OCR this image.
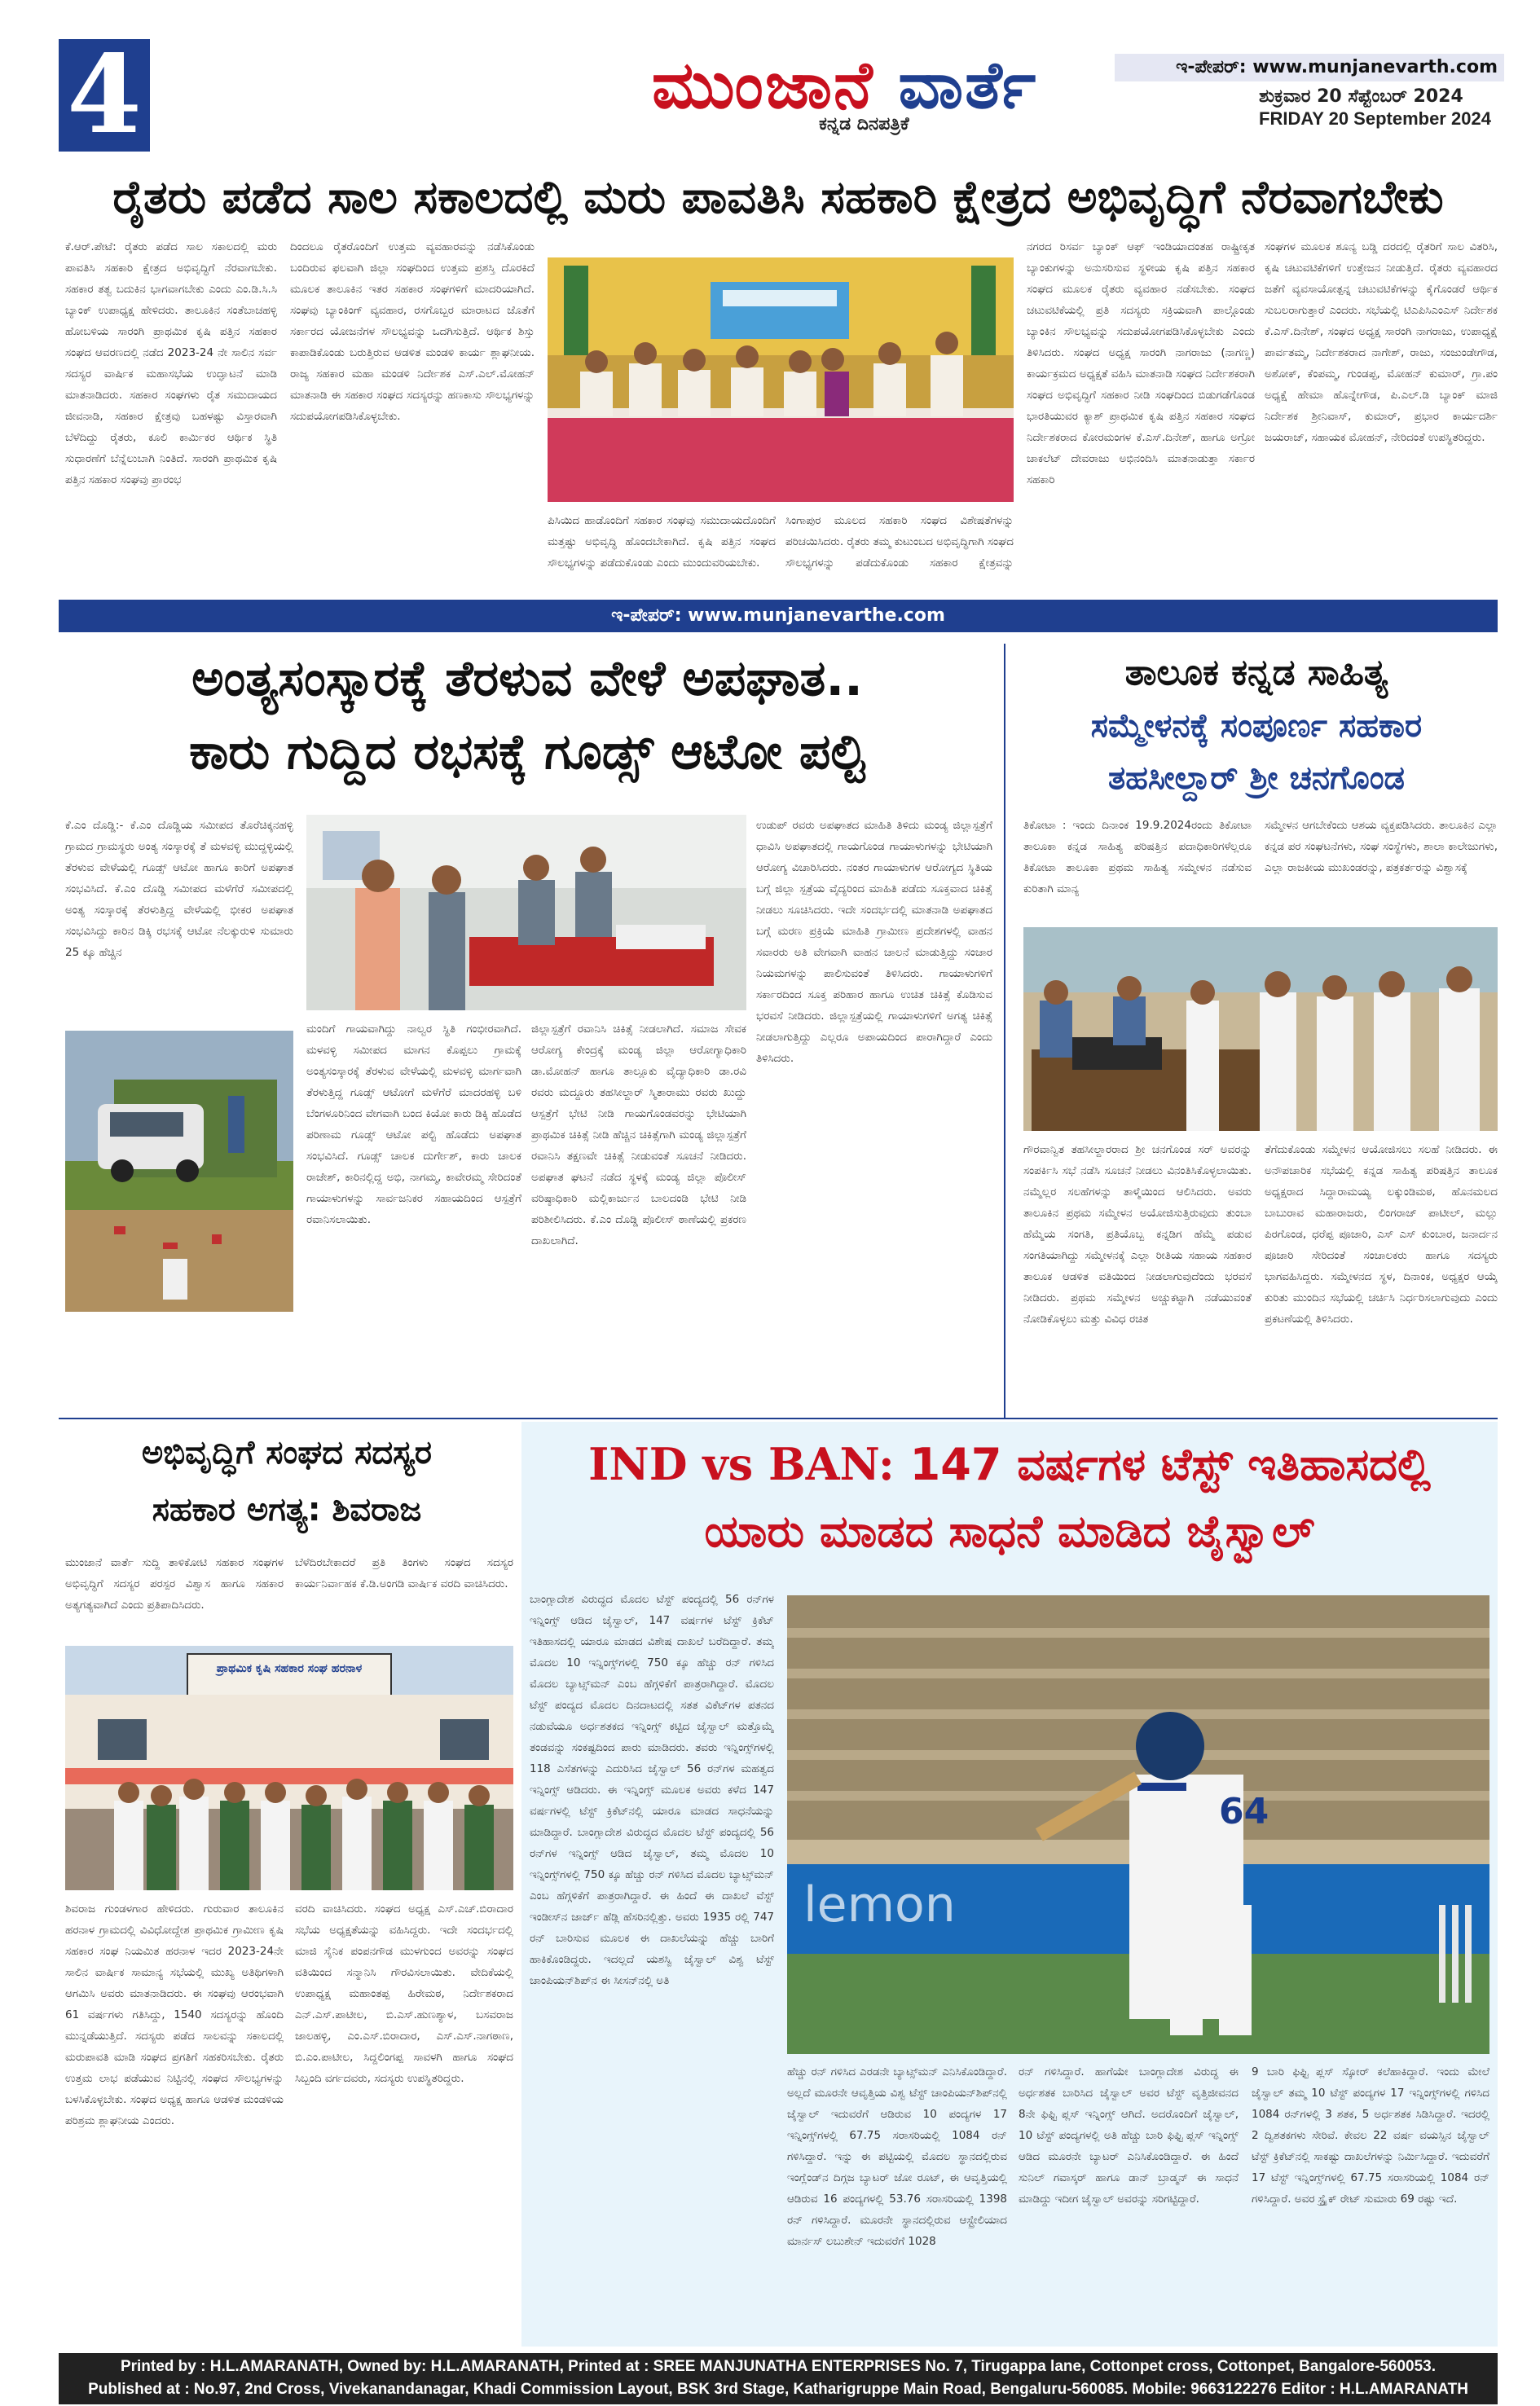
4	ಮುಂಜಾನೆ ವಾರ್ತೆ
ಕನ್ನಡ ದಿನಪತ್ರಿಕೆ
ಇ-ಪೇಪರ್: www.munjanevarth.com
ಶುಕ್ರವಾರ 20 ಸೆಪ್ಟೆಂಬರ್ 2024
FRIDAY 20 September 2024
ರೈತರು ಪಡೆದ ಸಾಲ ಸಕಾಲದಲ್ಲಿ ಮರು ಪಾವತಿಸಿ ಸಹಕಾರಿ ಕ್ಷೇತ್ರದ ಅಭಿವೃದ್ಧಿಗೆ ನೆರವಾಗಬೇಕು

ಕೆ.ಆರ್.ಪೇಟೆ: ರೈತರು ಪಡೆದ ಸಾಲ ಸಕಾಲದಲ್ಲಿ ಮರು ಪಾವತಿಸಿ ಸಹಕಾರಿ ಕ್ಷೇತ್ರದ ಅಭಿವೃದ್ಧಿಗೆ ನೆರವಾಗಬೇಕು. ಸಹಕಾರ ತತ್ವ ಬದುಕಿನ ಭಾಗವಾಗಬೇಕು ಎಂದು ಎಂ.ಡಿ.ಸಿ.ಸಿ ಬ್ಯಾಂಕ್ ಉಪಾಧ್ಯಕ್ಷ ಹೇಳಿದರು. ತಾಲೂಕಿನ ಸಂತೆಬಾಚಹಳ್ಳಿ ಹೋಬಳಿಯ ಸಾರಂಗಿ ಪ್ರಾಥಮಿಕ ಕೃಷಿ ಪತ್ತಿನ ಸಹಕಾರ ಸಂಘದ ಆವರಣದಲ್ಲಿ ನಡೆದ 2023-24 ನೇ ಸಾಲಿನ ಸರ್ವ ಸದಸ್ಯರ ವಾರ್ಷಿಕ ಮಹಾಸಭೆಯ ಉದ್ಘಾಟನೆ ಮಾಡಿ ಮಾತನಾಡಿದರು. ಸಹಕಾರ ಸಂಘಗಳು ರೈತ ಸಮುದಾಯದ ಜೀವನಾಡಿ, ಸಹಕಾರ ಕ್ಷೇತ್ರವು ಬಹಳಷ್ಟು ವಿಸ್ತಾರವಾಗಿ ಬೆಳೆದಿದ್ದು ರೈತರು, ಕೂಲಿ ಕಾರ್ಮಿಕರ ಆರ್ಥಿಕ ಸ್ಥಿತಿ ಸುಧಾರಣೆಗೆ ಬೆನ್ನೆಲುಬಾಗಿ ನಿಂತಿದೆ. ಸಾರಂಗಿ ಪ್ರಾಥಮಿಕ ಕೃಷಿ ಪತ್ತಿನ ಸಹಕಾರ ಸಂಘವು ಪ್ರಾರಂಭ

ದಿಂದಲೂ ರೈತರೊಂದಿಗೆ ಉತ್ತಮ ವ್ಯವಹಾರವನ್ನು ನಡೆಸಿಕೊಂಡು ಬಂದಿರುವ ಫಲವಾಗಿ ಜಿಲ್ಲಾ ಸಂಘದಿಂದ ಉತ್ತಮ ಪ್ರಶಸ್ತಿ ದೊರಕಿದೆ ಮೂಲಕ ತಾಲೂಕಿನ ಇತರ ಸಹಕಾರ ಸಂಘಗಳಿಗೆ ಮಾದರಿಯಾಗಿದೆ. ಸಂಘವು ಬ್ಯಾಂಕಿಂಗ್ ವ್ಯವಹಾರ, ರಸಗೊಬ್ಬರ ಮಾರಾಟದ ಜೊತೆಗೆ ಸರ್ಕಾರದ ಯೋಜನೆಗಳ ಸೌಲಭ್ಯವನ್ನು ಒದಗಿಸುತ್ತಿದೆ. ಆರ್ಥಿಕ ಶಿಸ್ತು ಕಾಪಾಡಿಕೊಂಡು ಬರುತ್ತಿರುವ ಆಡಳಿತ ಮಂಡಳಿ ಕಾರ್ಯ ಶ್ಲಾಘನೀಯ. ರಾಜ್ಯ ಸಹಕಾರ ಮಹಾ ಮಂಡಳಿ ನಿರ್ದೇಶಕ ಎಸ್.ಎಲ್.ಮೋಹನ್ ಮಾತನಾಡಿ ಈ ಸಹಕಾರ ಸಂಘದ ಸದಸ್ಯರನ್ನು ಹಣಕಾಸು ಸೌಲಭ್ಯಗಳನ್ನು ಸದುಪಯೋಗಪಡಿಸಿಕೊಳ್ಳಬೇಕು.

ಪಿಸಿಯಿದ ಹಾಡೊಂದಿಗೆ ಸಹಕಾರ ಸಂಘವು ಸಮುದಾಯದೊಂದಿಗೆ ಮತ್ತಷ್ಟು ಅಭಿವೃದ್ಧಿ ಹೊಂದಬೇಕಾಗಿದೆ. ಕೃಷಿ ಪತ್ತಿನ ಸಂಘದ ಸೌಲಭ್ಯಗಳನ್ನು ಪಡೆದುಕೊಂಡು ಎಂದು ಮುಂದುವರಿಯಬೇಕು.

ಸಿಂಗಾಪುರ ಮೂಲದ ಸಹಕಾರಿ ಸಂಘದ ವಿಶೇಷತೆಗಳನ್ನು ಪರಿಚಯಿಸಿದರು. ರೈತರು ತಮ್ಮ ಕುಟುಂಬದ ಅಭಿವೃದ್ಧಿಗಾಗಿ ಸಂಘದ ಸೌಲಭ್ಯಗಳನ್ನು ಪಡೆದುಕೊಂಡು ಸಹಕಾರ ಕ್ಷೇತ್ರವನ್ನು

ನಗರದ ರಿಸರ್ವ ಬ್ಯಾಂಕ್ ಆಫ್ ಇಂಡಿಯಾದಂತಹ ರಾಷ್ಟ್ರೀಕೃತ ಬ್ಯಾಂಕುಗಳನ್ನು ಅನುಸರಿಸುವ ಸ್ಥಳೀಯ ಕೃಷಿ ಪತ್ತಿನ ಸಹಕಾರ ಸಂಘದ ಮೂಲಕ ರೈತರು ವ್ಯವಹಾರ ನಡೆಸಬೇಕು. ಸಂಘದ ಚಟುವಟಿಕೆಯಲ್ಲಿ ಪ್ರತಿ ಸದಸ್ಯರು ಸಕ್ರಿಯವಾಗಿ ಪಾಲ್ಗೊಂಡು ಬ್ಯಾಂಕಿನ ಸೌಲಭ್ಯವನ್ನು ಸದುಪಯೋಗಪಡಿಸಿಕೊಳ್ಳಬೇಕು ಎಂದು ತಿಳಿಸಿದರು. ಸಂಘದ ಅಧ್ಯಕ್ಷ ಸಾರಂಗಿ ನಾಗರಾಜು (ನಾಗಣ್ಣ) ಕಾರ್ಯಕ್ರಮದ ಅಧ್ಯಕ್ಷತೆ ವಹಿಸಿ ಮಾತನಾಡಿ ಸಂಘದ ನಿರ್ದೇಶಕರಾಗಿ ಸಂಘದ ಅಭಿವೃದ್ಧಿಗೆ ಸಹಕಾರ ನೀಡಿ ಸಂಘದಿಂದ ಬಿಡುಗಡೆಗೊಂಡ ಭಾರತಿಯುವರ ಕ್ಯಾಶ್ ಪ್ರಾಥಮಿಕ ಕೃಷಿ ಪತ್ತಿನ ಸಹಕಾರ ಸಂಘದ ನಿರ್ದೇಶಕರಾದ ಕೋರಮಂಗಳ ಕೆ.ಎಸ್.ದಿನೇಶ್, ಹಾಗೂ ಅಗ್ರೋ ಚಾಕಲೆಟ್ ದೇವರಾಜು ಅಭಿನಂದಿಸಿ ಮಾತನಾಡುತ್ತಾ ಸರ್ಕಾರ ಸಹಕಾರಿ

ಸಂಘಗಳ ಮೂಲಕ ಶೂನ್ಯ ಬಡ್ಡಿ ದರದಲ್ಲಿ ರೈತರಿಗೆ ಸಾಲ ವಿತರಿಸಿ, ಕೃಷಿ ಚಟುವಟಿಕೆಗಳಿಗೆ ಉತ್ತೇಜನ ನೀಡುತ್ತಿದೆ. ರೈತರು ವ್ಯವಹಾರದ ಜತೆಗೆ ವ್ಯವಸಾಯೋತ್ಪನ್ನ ಚಟುವಟಿಕೆಗಳನ್ನು ಕೈಗೊಂಡರೆ ಆರ್ಥಿಕ ಸುಬಲರಾಗುತ್ತಾರೆ ಎಂದರು. ಸಭೆಯಲ್ಲಿ ಟಿಎಪಿಸಿಎಂಎಸ್ ನಿರ್ದೇಶಕ ಕೆ.ಎಸ್.ದಿನೇಶ್, ಸಂಘದ ಅಧ್ಯಕ್ಷ ಸಾರಂಗಿ ನಾಗರಾಜು, ಉಪಾಧ್ಯಕ್ಷೆ ಪಾರ್ವತಮ್ಮ, ನಿರ್ದೇಶಕರಾದ ನಾಗೇಶ್, ರಾಜು, ಸಂಜುಂಡೇಗೌಡ, ಅಶೋಕ್, ಕೆಂಪಮ್ಮ, ಗುಂಡಪ್ಪ, ಮೋಹನ್ ಕುಮಾರ್, ಗ್ರಾ.ಪಂ ಅಧ್ಯಕ್ಷೆ ಹೇಮಾ ಹೊನ್ನೇಗೌಡ, ಪಿ.ಎಲ್.ಡಿ ಬ್ಯಾಂಕ್ ಮಾಜಿ ನಿರ್ದೇಶಕ ಶ್ರೀನಿವಾಸ್, ಕುಮಾರ್, ಪ್ರಭಾರ ಕಾರ್ಯದರ್ಶಿ ಜಯರಾಜ್, ಸಹಾಯಕ ಮೋಹನ್, ನೇರಿದಂತೆ ಉಪಸ್ಥಿತರಿದ್ದರು.

ಇ-ಪೇಪರ್: www.munjanevarthe.com
ಅಂತ್ಯಸಂಸ್ಕಾರಕ್ಕೆ ತೆರಳುವ ವೇಳೆ ಅಪಘಾತ..
ಕಾರು ಗುದ್ದಿದ ರಭಸಕ್ಕೆ ಗೂಡ್ಸ್ ಆಟೋ ಪಲ್ಟಿ

ಕೆ.ಎಂ ದೊಡ್ಡಿ:- ಕೆ.ಎಂ ದೊಡ್ಡಿಯ ಸಮೀಪದ ತೊರೆಚಿಕ್ಕನಹಳ್ಳಿ ಗ್ರಾಮದ ಗ್ರಾಮಸ್ಥರು ಅಂತ್ಯ ಸಂಸ್ಕಾರಕ್ಕೆ ತೆ ಮಳವಳ್ಳಿ ಮುದ್ದಳ್ಳಿಯಲ್ಲಿ ತೆರಳುವ ವೇಳೆಯಲ್ಲಿ ಗೂಡ್ಸ್ ಆಟೋ ಹಾಗೂ ಕಾರಿಗೆ ಅಪಘಾತ ಸಂಭವಿಸಿದೆ. ಕೆ.ಎಂ ದೊಡ್ಡಿ ಸಮೀಪದ ಮಳೆಗೆರೆ ಸಮೀಪದಲ್ಲಿ ಅಂತ್ಯ ಸಂಸ್ಕಾರಕ್ಕೆ ತೆರಳುತ್ತಿದ್ದ ವೇಳೆಯಲ್ಲಿ ಭೀಕರ ಅಪಘಾತ ಸಂಭವಿಸಿದ್ದು ಕಾರಿನ ಡಿಕ್ಕಿ ರಭಸಕ್ಕೆ ಆಟೋ ನೆಲಕ್ಕುರುಳಿ ಸುಮಾರು 25 ಕ್ಕೂ ಹೆಚ್ಚಿನ

ಮಂದಿಗೆ ಗಾಯವಾಗಿದ್ದು ನಾಲ್ವರ ಸ್ಥಿತಿ ಗಂಭೀರವಾಗಿದೆ. ಮಳವಳ್ಳಿ ಸಮೀಪದ ಮಾಗನ ಕೊಪ್ಪಲು ಗ್ರಾಮಕ್ಕೆ ಅಂತ್ಯಸಂಸ್ಕಾರಕ್ಕೆ ತೆರಳುವ ವೇಳೆಯಲ್ಲಿ ಮಳವಳ್ಳಿ ಮಾರ್ಗವಾಗಿ ತೆರಳುತ್ತಿದ್ದ ಗೂಡ್ಸ್ ಆಟೋಗೆ ಮಳೆಗೆರೆ ಮಾದರಹಳ್ಳಿ ಬಳಿ ಬೆಂಗಳೂರಿನಿಂದ ವೇಗವಾಗಿ ಬಂದ ಕಿಯೋ ಕಾರು ಡಿಕ್ಕಿ ಹೊಡೆದ ಪರಿಣಾಮ ಗೂಡ್ಸ್ ಆಟೋ ಪಲ್ಟಿ ಹೊಡೆದು ಅಪಘಾತ ಸಂಭವಿಸಿದೆ. ಗೂಡ್ಸ್ ಚಾಲಕ ದುರ್ಗೇಶ್, ಕಾರು ಚಾಲಕ ರಾಜೇಶ್, ಕಾರಿನಲ್ಲಿದ್ದ ಅಭಿ, ನಾಗಮ್ಮ, ಕಾವೇರಮ್ಮ ಸೇರಿದಂತೆ ಗಾಯಾಳುಗಳನ್ನು ಸಾರ್ವಜನಿಕರ ಸಹಾಯದಿಂದ ಆಸ್ಪತ್ರೆಗೆ ರವಾನಿಸಲಾಯಿತು.

ಜಿಲ್ಲಾಸ್ಪತ್ರೆಗೆ ರವಾನಿಸಿ ಚಿಕಿತ್ಸೆ ನೀಡಲಾಗಿದೆ. ಸಮಾಜ ಸೇವಕ ಆರೋಗ್ಯ ಕೇಂದ್ರಕ್ಕೆ ಮಂಡ್ಯ ಜಿಲ್ಲಾ ಆರೋಗ್ಯಾಧಿಕಾರಿ ಡಾ.ಮೋಹನ್ ಹಾಗೂ ತಾಲ್ಲೂಕು ವೈದ್ಯಾಧಿಕಾರಿ ಡಾ.ರವಿ ರವರು ಮದ್ದೂರು ತಹಸೀಲ್ದಾರ್ ಸ್ಮಿತಾರಾಮು ರವರು ಖುದ್ದು ಆಸ್ಪತ್ರೆಗೆ ಭೇಟಿ ನೀಡಿ ಗಾಯಗೊಂಡವರನ್ನು ಭೇಟಿಯಾಗಿ ಪ್ರಾಥಮಿಕ ಚಿಕಿತ್ಸೆ ನೀಡಿ ಹೆಚ್ಚಿನ ಚಿಕಿತ್ಸೆಗಾಗಿ ಮಂಡ್ಯ ಜಿಲ್ಲಾಸ್ಪತ್ರೆಗೆ ರವಾನಿಸಿ ತಕ್ಷಣವೇ ಚಿಕಿತ್ಸೆ ನೀಡುವಂತೆ ಸೂಚನೆ ನೀಡಿದರು. ಅಪಘಾತ ಘಟನೆ ನಡೆದ ಸ್ಥಳಕ್ಕೆ ಮಂಡ್ಯ ಜಿಲ್ಲಾ ಪೊಲೀಸ್ ವರಿಷ್ಠಾಧಿಕಾರಿ ಮಲ್ಲಿಕಾರ್ಜುನ ಬಾಲದಂಡಿ ಭೇಟಿ ನೀಡಿ ಪರಿಶೀಲಿಸಿದರು. ಕೆ.ಎಂ ದೊಡ್ಡಿ ಪೊಲೀಸ್ ಠಾಣೆಯಲ್ಲಿ ಪ್ರಕರಣ ದಾಖಲಾಗಿದೆ.

ಉಡುಪ್ ರವರು ಅಪಘಾತದ ಮಾಹಿತಿ ತಿಳಿದು ಮಂಡ್ಯ ಜಿಲ್ಲಾಸ್ಪತ್ರೆಗೆ ಧಾವಿಸಿ ಅಪಘಾತದಲ್ಲಿ ಗಾಯಗೊಂಡ ಗಾಯಾಳುಗಳನ್ನು ಭೇಟಿಯಾಗಿ ಆರೋಗ್ಯ ವಿಚಾರಿಸಿದರು. ನಂತರ ಗಾಯಾಳುಗಳ ಆರೋಗ್ಯದ ಸ್ಥಿತಿಯ ಬಗ್ಗೆ ಜಿಲ್ಲಾ ಸ್ಪತ್ರೆಯ ವೈದ್ಯರಿಂದ ಮಾಹಿತಿ ಪಡೆದು ಸೂಕ್ತವಾದ ಚಿಕಿತ್ಸೆ ನೀಡಲು ಸೂಚಿಸಿದರು. ಇದೇ ಸಂದರ್ಭದಲ್ಲಿ ಮಾತನಾಡಿ ಅಪಘಾತದ ಬಗ್ಗೆ ಮರಣ ಪ್ರಕ್ರಿಯೆ ಮಾಹಿತಿ ಗ್ರಾಮೀಣ ಪ್ರದೇಶಗಳಲ್ಲಿ ವಾಹನ ಸವಾರರು ಅತಿ ವೇಗವಾಗಿ ವಾಹನ ಚಾಲನೆ ಮಾಡುತ್ತಿದ್ದು ಸಂಚಾರ ನಿಯಮಗಳನ್ನು ಪಾಲಿಸುವಂತೆ ತಿಳಿಸಿದರು. ಗಾಯಾಳುಗಳಿಗೆ ಸರ್ಕಾರದಿಂದ ಸೂಕ್ತ ಪರಿಹಾರ ಹಾಗೂ ಉಚಿತ ಚಿಕಿತ್ಸೆ ಕೊಡಿಸುವ ಭರವಸೆ ನೀಡಿದರು. ಜಿಲ್ಲಾಸ್ಪತ್ರೆಯಲ್ಲಿ ಗಾಯಾಳುಗಳಿಗೆ ಅಗತ್ಯ ಚಿಕಿತ್ಸೆ ನೀಡಲಾಗುತ್ತಿದ್ದು ಎಲ್ಲರೂ ಅಪಾಯದಿಂದ ಪಾರಾಗಿದ್ದಾರೆ ಎಂದು ತಿಳಿಸಿದರು.

ತಾಲೂಕ ಕನ್ನಡ ಸಾಹಿತ್ಯ
ಸಮ್ಮೇಳನಕ್ಕೆ ಸಂಪೂರ್ಣ ಸಹಕಾರ
ತಹಸೀಲ್ದಾರ್ ಶ್ರೀ ಚನಗೊಂಡ

ತಿಕೋಟಾ : ಇಂದು ದಿನಾಂಕ 19.9.2024ರಂದು ತಿಕೋಟಾ ತಾಲೂಕಾ ಕನ್ನಡ ಸಾಹಿತ್ಯ ಪರಿಷತ್ತಿನ ಪದಾಧಿಕಾರಿಗಳೆಲ್ಲರೂ ತಿಕೋಟಾ ತಾಲೂಕಾ ಪ್ರಥಮ ಸಾಹಿತ್ಯ ಸಮ್ಮೇಳನ ನಡೆಸುವ ಕುರಿತಾಗಿ ಮಾನ್ಯ

ಸಮ್ಮೇಳನ ಆಗಬೇಕೆಂದು ಆಶಯ ವ್ಯಕ್ತಪಡಿಸಿದರು. ತಾಲೂಕಿನ ಎಲ್ಲಾ ಕನ್ನಡ ಪರ ಸಂಘಟನೆಗಳು, ಸಂಘ ಸಂಸ್ಥೆಗಳು, ಶಾಲಾ ಕಾಲೇಜುಗಳು, ಎಲ್ಲಾ ರಾಜಕೀಯ ಮುಖಂಡರನ್ನು, ಪತ್ರಕರ್ತರನ್ನು ವಿಶ್ವಾಸಕ್ಕೆ

ಗೌರವಾನ್ವಿತ ತಹಸೀಲ್ದಾರರಾದ ಶ್ರೀ ಚನಗೊಂಡ ಸರ್ ಅವರನ್ನು ಸಂಪರ್ಕಿಸಿ ಸಭೆ ನಡೆಸಿ ಸೂಚನೆ ನೀಡಲು ವಿನಂತಿಸಿಕೊಳ್ಳಲಾಯಿತು. ನಮ್ಮೆಲ್ಲರ ಸಲಹೆಗಳನ್ನು ತಾಳ್ಮೆಯಿಂದ ಆಲಿಸಿದರು. ಅವರು ತಾಲೂಕಿನ ಪ್ರಥಮ ಸಮ್ಮೇಳನ ಅಯೋಜಿಸುತ್ತಿರುವುದು ತುಂಬಾ ಹೆಮ್ಮೆಯ ಸಂಗತಿ, ಪ್ರತಿಯೊಬ್ಬ ಕನ್ನಡಿಗ ಹೆಮ್ಮೆ ಪಡುವ ಸಂಗತಿಯಾಗಿದ್ದು ಸಮ್ಮೇಳನಕ್ಕೆ ಎಲ್ಲಾ ರೀತಿಯ ಸಹಾಯ ಸಹಕಾರ ತಾಲೂಕ ಆಡಳಿತ ವತಿಯಿಂದ ನೀಡಲಾಗುವುದೆಂದು ಭರವಸೆ ನೀಡಿದರು. ಪ್ರಥಮ ಸಮ್ಮೇಳನ ಅಚ್ಚುಕಟ್ಟಾಗಿ ನಡೆಯುವಂತೆ ನೋಡಿಕೊಳ್ಳಲು ಮತ್ತು ವಿವಿಧ ರಚಿತ

ತೆಗೆದುಕೊಂಡು ಸಮ್ಮೇಳನ ಆಯೋಜಿಸಲು ಸಲಹೆ ನೀಡಿದರು. ಈ ಅನೌಪಚಾರಿಕ ಸಭೆಯಲ್ಲಿ ಕನ್ನಡ ಸಾಹಿತ್ಯ ಪರಿಷತ್ತಿನ ತಾಲೂಕ ಅಧ್ಯಕ್ಷರಾದ ಸಿದ್ದಾರಾಮಯ್ಯ ಲಕ್ಕುಂಡಿಮಠ, ಹೊನಮಲದ ಬಾಬುರಾವ ಮಹಾರಾಜರು, ಲಿಂಗರಾಜ್ ಪಾಟೀಲ್, ಮಲ್ಲು ಪಿರಗೊಂಡ, ಧರೆಪ್ಪ ಪೂಜಾರಿ, ಎಸ್ ಎಸ್ ಕುಂಬಾರ, ಜನಾರ್ದನ ಪೂಜಾರಿ ಸೇರಿದಂತೆ ಸಂಚಾಲಕರು ಹಾಗೂ ಸದಸ್ಯರು ಭಾಗವಹಿಸಿದ್ದರು. ಸಮ್ಮೇಳನದ ಸ್ಥಳ, ದಿನಾಂಕ, ಅಧ್ಯಕ್ಷರ ಆಯ್ಕೆ ಕುರಿತು ಮುಂದಿನ ಸಭೆಯಲ್ಲಿ ಚರ್ಚಿಸಿ ನಿರ್ಧರಿಸಲಾಗುವುದು ಎಂದು ಪ್ರಕಟಣೆಯಲ್ಲಿ ತಿಳಿಸಿದರು.

ಅಭಿವೃದ್ಧಿಗೆ ಸಂಘದ ಸದಸ್ಯರ
ಸಹಕಾರ ಅಗತ್ಯ: ಶಿವರಾಜ

ಮುಂಜಾನೆ ವಾರ್ತೆ ಸುದ್ದಿ ತಾಳಿಕೋಟಿ ಸಹಕಾರ ಸಂಘಗಳ ಅಭಿವೃದ್ಧಿಗೆ ಸದಸ್ಯರ ಪರಸ್ಪರ ವಿಶ್ವಾಸ ಹಾಗೂ ಸಹಕಾರ ಅತ್ಯಗತ್ಯವಾಗಿದೆ ಎಂದು ಪ್ರತಿಪಾದಿಸಿದರು.

ಬೆಳೆದಿರಬೇಕಾದರೆ ಪ್ರತಿ ತಿಂಗಳು ಸಂಘದ ಸದಸ್ಯರ ಕಾರ್ಯನಿರ್ವಾಹಕ ಕೆ.ಡಿ.ಅಂಗಡಿ ವಾರ್ಷಿಕ ವರದಿ ವಾಚಿಸಿದರು.

ಪ್ರಾಥಮಿಕ ಕೃಷಿ ಸಹಕಾರ ಸಂಘ ಹರನಾಳ

ಶಿವರಾಜ ಗುಂಡಳಗಾರ ಹೇಳಿದರು. ಗುರುವಾರ ತಾಲೂಕಿನ ಹರನಾಳ ಗ್ರಾಮದಲ್ಲಿ ವಿವಿಧೋದ್ದೇಶ ಪ್ರಾಥಮಿಕ ಗ್ರಾಮೀಣ ಕೃಷಿ ಸಹಕಾರ ಸಂಘ ನಿಯಮಿತ ಹರನಾಳ ಇದರ 2023-24ನೇ ಸಾಲಿನ ವಾರ್ಷಿಕ ಸಾಮಾನ್ಯ ಸಭೆಯಲ್ಲಿ ಮುಖ್ಯ ಅತಿಥಿಗಳಾಗಿ ಆಗಮಿಸಿ ಅವರು ಮಾತನಾಡಿದರು. ಈ ಸಂಘವು ಆರಂಭವಾಗಿ 61 ವರ್ಷಗಳು ಗತಿಸಿದ್ದು, 1540 ಸದಸ್ಯರನ್ನು ಹೊಂದಿ ಮುನ್ನಡೆಯುತ್ತಿದೆ. ಸದಸ್ಯರು ಪಡೆದ ಸಾಲವನ್ನು ಸಕಾಲದಲ್ಲಿ ಮರುಪಾವತಿ ಮಾಡಿ ಸಂಘದ ಪ್ರಗತಿಗೆ ಸಹಕರಿಸಬೇಕು. ರೈತರು ಉತ್ತಮ ಲಾಭ ಪಡೆಯುವ ನಿಟ್ಟಿನಲ್ಲಿ ಸಂಘದ ಸೌಲಭ್ಯಗಳನ್ನು ಬಳಸಿಕೊಳ್ಳಬೇಕು. ಸಂಘದ ಅಧ್ಯಕ್ಷ ಹಾಗೂ ಆಡಳಿತ ಮಂಡಳಿಯ ಪರಿಶ್ರಮ ಶ್ಲಾಘನೀಯ ಎಂದರು.

ವರದಿ ವಾಚಿಸಿದರು. ಸಂಘದ ಅಧ್ಯಕ್ಷ ಎಸ್.ಎಚ್.ಬಿರಾದಾರ ಸಭೆಯ ಅಧ್ಯಕ್ಷತೆಯನ್ನು ವಹಿಸಿದ್ದರು. ಇದೇ ಸಂದರ್ಭದಲ್ಲಿ ಮಾಜಿ ಸೈನಿಕ ಪಂಪನಗೌಡ ಮುಳಗುಂದ ಅವರನ್ನು ಸಂಘದ ವತಿಯಿಂದ ಸನ್ಮಾನಿಸಿ ಗೌರವಿಸಲಾಯಿತು. ವೇದಿಕೆಯಲ್ಲಿ ಉಪಾಧ್ಯಕ್ಷ ಮಹಾಂತಪ್ಪ ಹಿರೇಮಠ, ನಿರ್ದೇಶಕರಾದ ಎನ್.ಎಸ್.ಪಾಟೀಲ, ಬಿ.ಎಸ್.ಹುಣಶ್ಯಾಳ, ಬಸವರಾಜ ಜಾಲಹಳ್ಳಿ, ಎಂ.ಎಸ್.ಬಿರಾದಾರ, ಎಸ್.ಎಸ್.ನಾಗಠಾಣ, ಬಿ.ಎಂ.ಪಾಟೀಲ, ಸಿದ್ದಲಿಂಗಪ್ಪ ಸಾವಳಗಿ ಹಾಗೂ ಸಂಘದ ಸಿಬ್ಬಂದಿ ವರ್ಗದವರು, ಸದಸ್ಯರು ಉಪಸ್ಥಿತರಿದ್ದರು.

IND vs BAN: 147 ವರ್ಷಗಳ ಟೆಸ್ಟ್ ಇತಿಹಾಸದಲ್ಲಿ
ಯಾರು ಮಾಡದ ಸಾಧನೆ ಮಾಡಿದ ಜೈಸ್ವಾಲ್

ಬಾಂಗ್ಲಾದೇಶ ವಿರುದ್ಧದ ಮೊದಲ ಟೆಸ್ಟ್ ಪಂದ್ಯದಲ್ಲಿ 56 ರನ್‌ಗಳ ಇನ್ನಿಂಗ್ಸ್ ಆಡಿದ ಜೈಸ್ವಾಲ್, 147 ವರ್ಷಗಳ ಟೆಸ್ಟ್ ಕ್ರಿಕೆಟ್ ಇತಿಹಾಸದಲ್ಲಿ ಯಾರೂ ಮಾಡದ ವಿಶೇಷ ದಾಖಲೆ ಬರೆದಿದ್ದಾರೆ. ತಮ್ಮ ಮೊದಲ 10 ಇನ್ನಿಂಗ್ಸ್‌ಗಳಲ್ಲಿ 750 ಕ್ಕೂ ಹೆಚ್ಚು ರನ್ ಗಳಿಸಿದ ಮೊದಲ ಬ್ಯಾಟ್ಸ್‌ಮನ್ ಎಂಬ ಹೆಗ್ಗಳಿಕೆಗೆ ಪಾತ್ರರಾಗಿದ್ದಾರೆ. ಮೊದಲ ಟೆಸ್ಟ್ ಪಂದ್ಯದ ಮೊದಲ ದಿನದಾಟದಲ್ಲಿ ಸತತ ವಿಕೆಟ್‌ಗಳ ಪತನದ ನಡುವೆಯೂ ಅರ್ಧಶತಕದ ಇನ್ನಿಂಗ್ಸ್ ಕಟ್ಟಿದ ಜೈಸ್ವಾಲ್ ಮತ್ತೊಮ್ಮೆ ತಂಡವನ್ನು ಸಂಕಷ್ಟದಿಂದ ಪಾರು ಮಾಡಿದರು. ತವರು ಇನ್ನಿಂಗ್ಸ್‌ಗಳಲ್ಲಿ 118 ಎಸೆತಗಳನ್ನು ಎದುರಿಸಿದ ಜೈಸ್ವಾಲ್ 56 ರನ್‌ಗಳ ಮಹತ್ವದ ಇನ್ನಿಂಗ್ಸ್ ಆಡಿದರು. ಈ ಇನ್ನಿಂಗ್ಸ್ ಮೂಲಕ ಅವರು ಕಳೆದ 147 ವರ್ಷಗಳಲ್ಲಿ ಟೆಸ್ಟ್ ಕ್ರಿಕೆಟ್‌ನಲ್ಲಿ ಯಾರೂ ಮಾಡದ ಸಾಧನೆಯನ್ನು ಮಾಡಿದ್ದಾರೆ. ಬಾಂಗ್ಲಾದೇಶ ವಿರುದ್ಧದ ಮೊದಲ ಟೆಸ್ಟ್ ಪಂದ್ಯದಲ್ಲಿ 56 ರನ್‌ಗಳ ಇನ್ನಿಂಗ್ಸ್ ಆಡಿದ ಜೈಸ್ವಾಲ್, ತಮ್ಮ ಮೊದಲ 10 ಇನ್ನಿಂಗ್ಸ್‌ಗಳಲ್ಲಿ 750 ಕ್ಕೂ ಹೆಚ್ಚು ರನ್ ಗಳಿಸಿದ ಮೊದಲ ಬ್ಯಾಟ್ಸ್‌ಮನ್ ಎಂಬ ಹೆಗ್ಗಳಿಕೆಗೆ ಪಾತ್ರರಾಗಿದ್ದಾರೆ. ಈ ಹಿಂದೆ ಈ ದಾಖಲೆ ವೆಸ್ಟ್ ಇಂಡೀಸ್‌ನ ಜಾರ್ಜ್ ಹೆಡ್ಲಿ ಹೆಸರಿನಲ್ಲಿತ್ತು. ಅವರು 1935 ರಲ್ಲಿ 747 ರನ್ ಬಾರಿಸುವ ಮೂಲಕ ಈ ದಾಖಲೆಯನ್ನು ಹೆಚ್ಚು ಬಾರಿಗೆ ಹಾಕಿಕೊಂಡಿದ್ದರು. ಇದಲ್ಲದೆ ಯಶಸ್ವಿ ಜೈಸ್ವಾಲ್ ವಿಶ್ವ ಟೆಸ್ಟ್ ಚಾಂಪಿಯನ್‌ಶಿಪ್‌ನ ಈ ಸೀಸನ್‌ನಲ್ಲಿ ಅತಿ

64
lemon

ಹೆಚ್ಚು ರನ್ ಗಳಿಸಿದ ಎರಡನೇ ಬ್ಯಾಟ್ಸ್‌ಮನ್ ಎನಿಸಿಕೊಂಡಿದ್ದಾರೆ. ಅಲ್ಲದೆ ಮೂರನೇ ಆವೃತ್ತಿಯ ವಿಶ್ವ ಟೆಸ್ಟ್ ಚಾಂಪಿಯನ್‌ಶಿಪ್‌ನಲ್ಲಿ ಜೈಸ್ವಾಲ್ ಇದುವರೆಗೆ ಆಡಿರುವ 10 ಪಂದ್ಯಗಳ 17 ಇನ್ನಿಂಗ್ಸ್‌ಗಳಲ್ಲಿ 67.75 ಸರಾಸರಿಯಲ್ಲಿ 1084 ರನ್ ಗಳಿಸಿದ್ದಾರೆ. ಇನ್ನು ಈ ಪಟ್ಟಿಯಲ್ಲಿ ಮೊದಲ ಸ್ಥಾನದಲ್ಲಿರುವ ಇಂಗ್ಲೆಂಡ್‌ನ ದಿಗ್ಗಜ ಬ್ಯಾಟರ್ ಜೋ ರೂಟ್, ಈ ಆವೃತ್ತಿಯಲ್ಲಿ ಆಡಿರುವ 16 ಪಂದ್ಯಗಳಲ್ಲಿ 53.76 ಸರಾಸರಿಯಲ್ಲಿ 1398 ರನ್ ಗಳಿಸಿದ್ದಾರೆ. ಮೂರನೇ ಸ್ಥಾನದಲ್ಲಿರುವ ಆಸ್ಟ್ರೇಲಿಯಾದ ಮಾರ್ನಸ್ ಲಬುಶೇನ್ ಇದುವರೆಗೆ 1028

ರನ್ ಗಳಿಸಿದ್ದಾರೆ. ಹಾಗೆಯೇ ಬಾಂಗ್ಲಾದೇಶ ವಿರುದ್ಧ ಈ ಅರ್ಧಶತಕ ಬಾರಿಸಿದ ಜೈಸ್ವಾಲ್ ಅವರ ಟೆಸ್ಟ್ ವೃತ್ತಿಜೀವನದ 8ನೇ ಫಿಫ್ಟಿ ಪ್ಲಸ್ ಇನ್ನಿಂಗ್ಸ್ ಆಗಿದೆ. ಅದರೊಂದಿಗೆ ಜೈಸ್ವಾಲ್, 10 ಟೆಸ್ಟ್ ಪಂದ್ಯಗಳಲ್ಲಿ ಅತಿ ಹೆಚ್ಚು ಬಾರಿ ಫಿಫ್ಟಿ ಪ್ಲಸ್ ಇನ್ನಿಂಗ್ಸ್ ಆಡಿದ ಮೂರನೇ ಬ್ಯಾಟರ್ ಎನಿಸಿಕೊಂಡಿದ್ದಾರೆ. ಈ ಹಿಂದೆ ಸುನಿಲ್ ಗವಾಸ್ಕರ್ ಹಾಗೂ ಡಾನ್ ಬ್ರಾಡ್ಮನ್ ಈ ಸಾಧನೆ ಮಾಡಿದ್ದು ಇದೀಗ ಜೈಸ್ವಾಲ್ ಅವರನ್ನು ಸರಿಗಟ್ಟಿದ್ದಾರೆ.

9 ಬಾರಿ ಫಿಫ್ಟಿ ಪ್ಲಸ್ ಸ್ಕೋರ್ ಕಲೆಹಾಕಿದ್ದಾರೆ. ಇಂದು ಮೇಲೆ ಜೈಸ್ವಾಲ್ ತಮ್ಮ 10 ಟೆಸ್ಟ್ ಪಂದ್ಯಗಳ 17 ಇನ್ನಿಂಗ್ಸ್‌ಗಳಲ್ಲಿ ಗಳಿಸಿದ 1084 ರನ್‌ಗಳಲ್ಲಿ 3 ಶತಕ, 5 ಅರ್ಧಶತಕ ಸಿಡಿಸಿದ್ದಾರೆ. ಇದರಲ್ಲಿ 2 ದ್ವಿಶತಕಗಳು ಸೇರಿವೆ. ಕೇವಲ 22 ವರ್ಷ ವಯಸ್ಸಿನ ಜೈಸ್ವಾಲ್ ಟೆಸ್ಟ್ ಕ್ರಿಕೆಟ್‌ನಲ್ಲಿ ಸಾಕಷ್ಟು ದಾಖಲೆಗಳನ್ನು ನಿರ್ಮಿಸಿದ್ದಾರೆ. ಇದುವರೆಗೆ 17 ಟೆಸ್ಟ್ ಇನ್ನಿಂಗ್ಸ್‌ಗಳಲ್ಲಿ 67.75 ಸರಾಸರಿಯಲ್ಲಿ 1084 ರನ್ ಗಳಿಸಿದ್ದಾರೆ. ಅವರ ಸ್ಟ್ರೈಕ್ ರೇಟ್ ಸುಮಾರು 69 ರಷ್ಟು ಇದೆ.

Printed by : H.L.AMARANATH, Owned by: H.L.AMARANATH, Printed at : SREE MANJUNATHA ENTERPRISES No. 7, Tirugappa lane, Cottonpet cross, Cottonpet, Bangalore-560053.
Published at : No.97, 2nd Cross, Vivekanandanagar, Khadi Commission Layout, BSK 3rd Stage, Katharigruppe Main Road, Bengaluru-560085. Mobile: 9663122276 Editor : H.L.AMARANATH
